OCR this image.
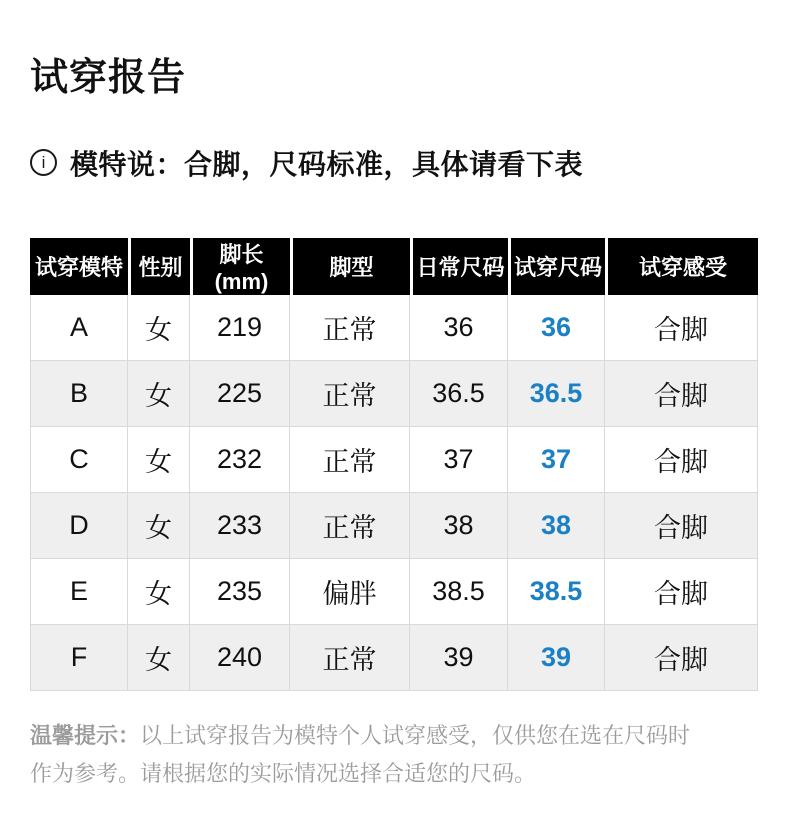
试穿报告
i 模特说：合脚，尺码标准，具体请看下表
试穿模特	性别	脚长(mm)	脚型	日常尺码	试穿尺码	试穿感受
A	女	219	正常	36	36	合脚
B	女	225	正常	36.5	36.5	合脚
C	女	232	正常	37	37	合脚
D	女	233	正常	38	38	合脚
E	女	235	偏胖	38.5	38.5	合脚
F	女	240	正常	39	39	合脚

温馨提示：以上试穿报告为模特个人试穿感受，仅供您在选在尺码时
作为参考。请根据您的实际情况选择合适您的尺码。
